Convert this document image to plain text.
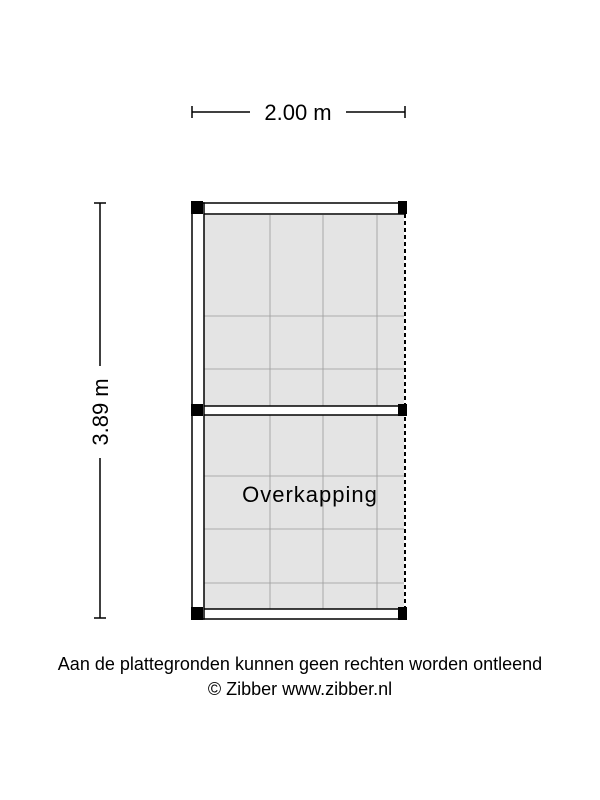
2.00 m
3.89 m
Overkapping
Aan de plattegronden kunnen geen rechten worden ontleend
© Zibber www.zibber.nl
